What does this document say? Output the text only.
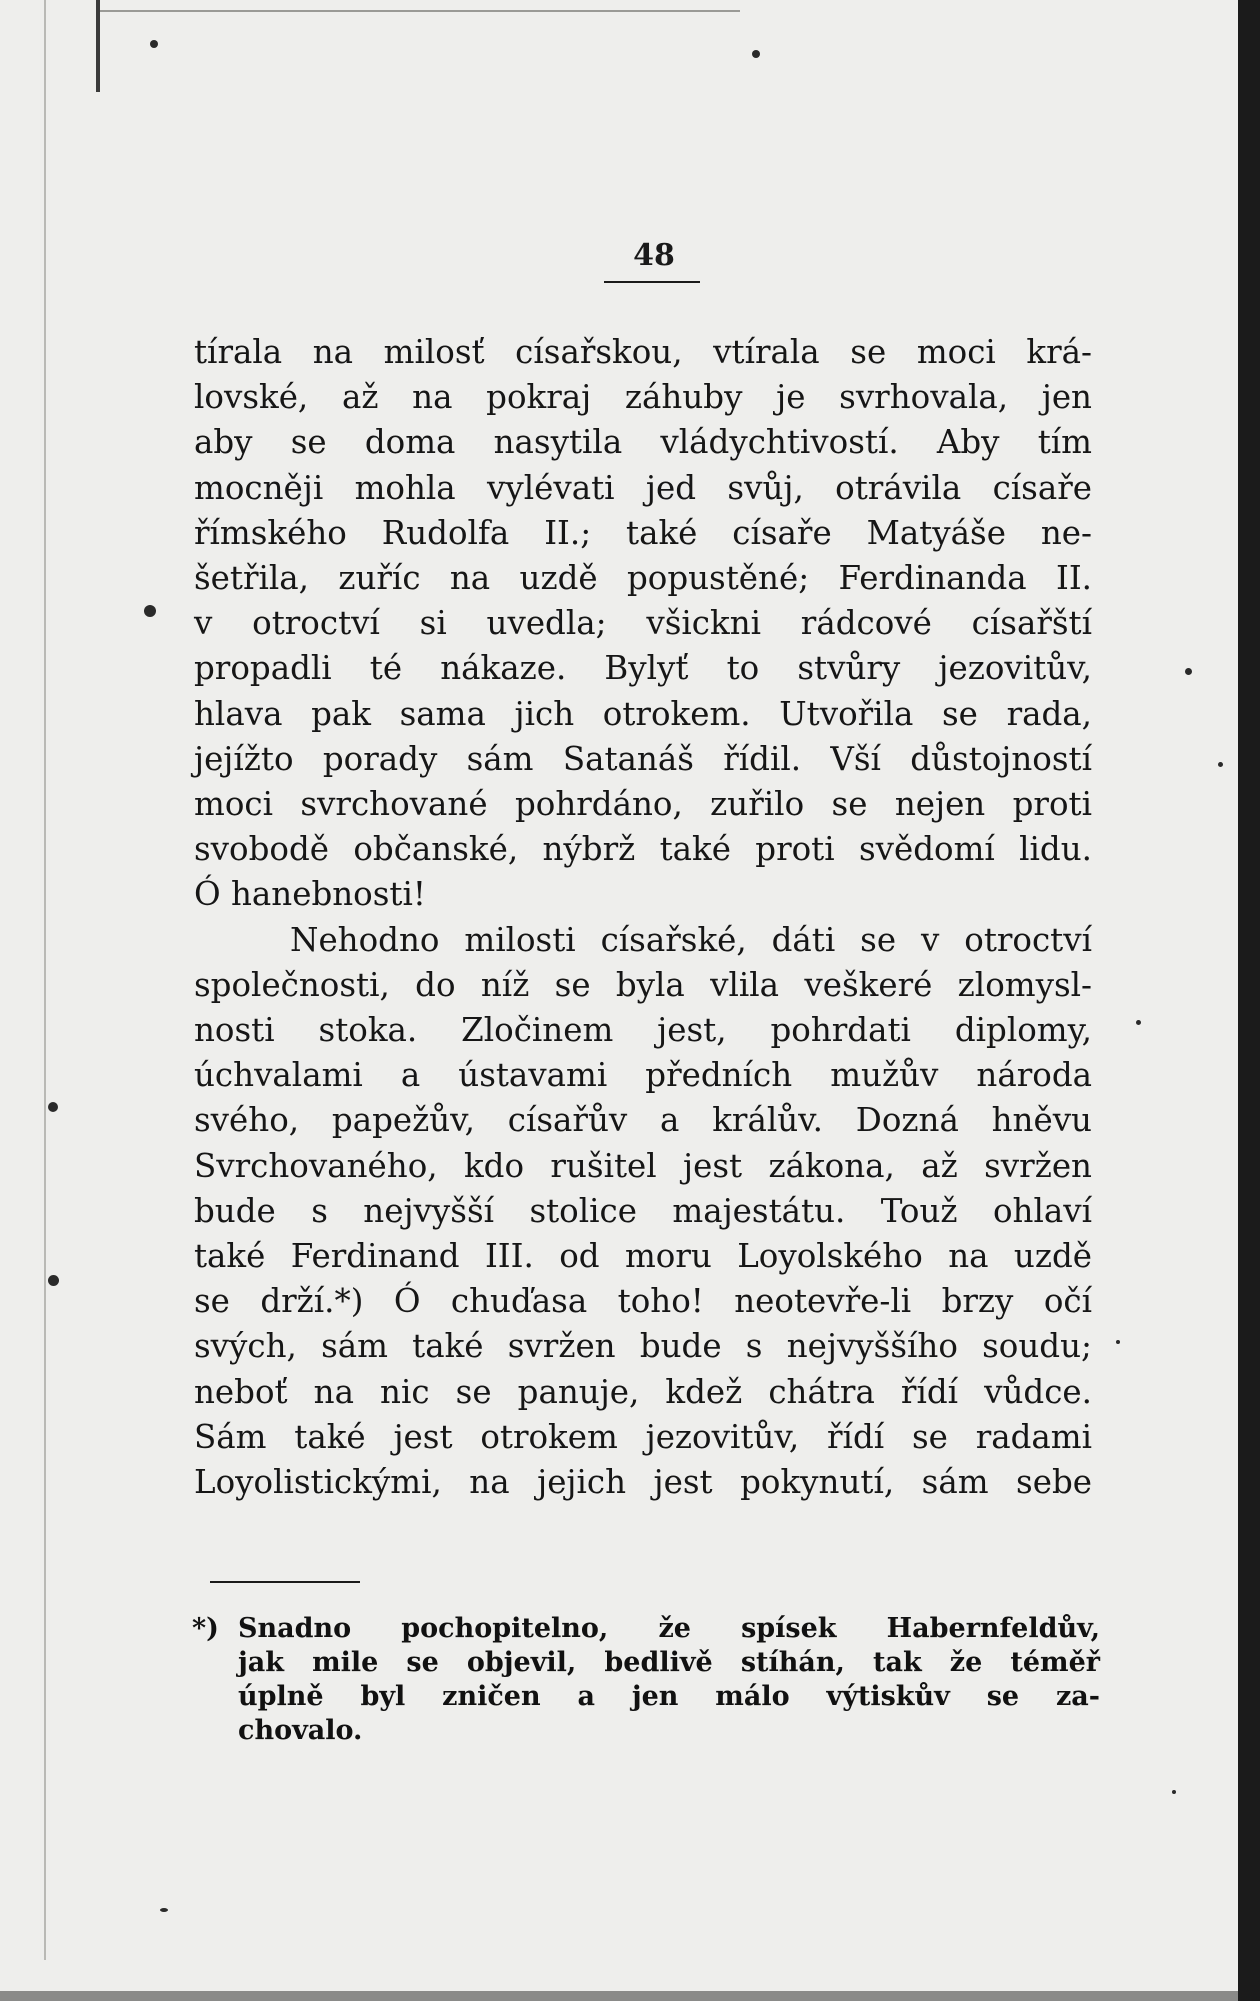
48
tírala na milosť císařskou, vtírala se moci krá-
lovské, až na pokraj záhuby je svrhovala, jen
aby se doma nasytila vládychtivostí. Aby tím
mocněji mohla vylévati jed svůj, otrávila císaře
římského Rudolfa II.; také císaře Matyáše ne-
šetřila, zuříc na uzdě popustěné; Ferdinanda II.
v otroctví si uvedla; všickni rádcové císařští
propadli té nákaze. Bylyť to stvůry jezovitův,
hlava pak sama jich otrokem. Utvořila se rada,
jejížto porady sám Satanáš řídil. Vší důstojností
moci svrchované pohrdáno, zuřilo se nejen proti
svobodě občanské, nýbrž také proti svědomí lidu.
Ó hanebnosti!
Nehodno milosti císařské, dáti se v otroctví
společnosti, do níž se byla vlila veškeré zlomysl-
nosti stoka. Zločinem jest, pohrdati diplomy,
úchvalami a ústavami předních mužův národa
svého, papežův, císařův a králův. Dozná hněvu
Svrchovaného, kdo rušitel jest zákona, až svržen
bude s nejvyšší stolice majestátu. Touž ohlaví
také Ferdinand III. od moru Loyolského na uzdě
se drží.*) Ó chuďasa toho! neotevře-li brzy očí
svých, sám také svržen bude s nejvyššího soudu;
neboť na nic se panuje, kdež chátra řídí vůdce.
Sám také jest otrokem jezovitův, řídí se radami
Loyolistickými, na jejich jest pokynutí, sám sebe
*) Snadno pochopitelno, že spísek Habernfeldův,
jak mile se objevil, bedlivě stíhán, tak že téměř
úplně byl zničen a jen málo výtiskův se za-
chovalo.
